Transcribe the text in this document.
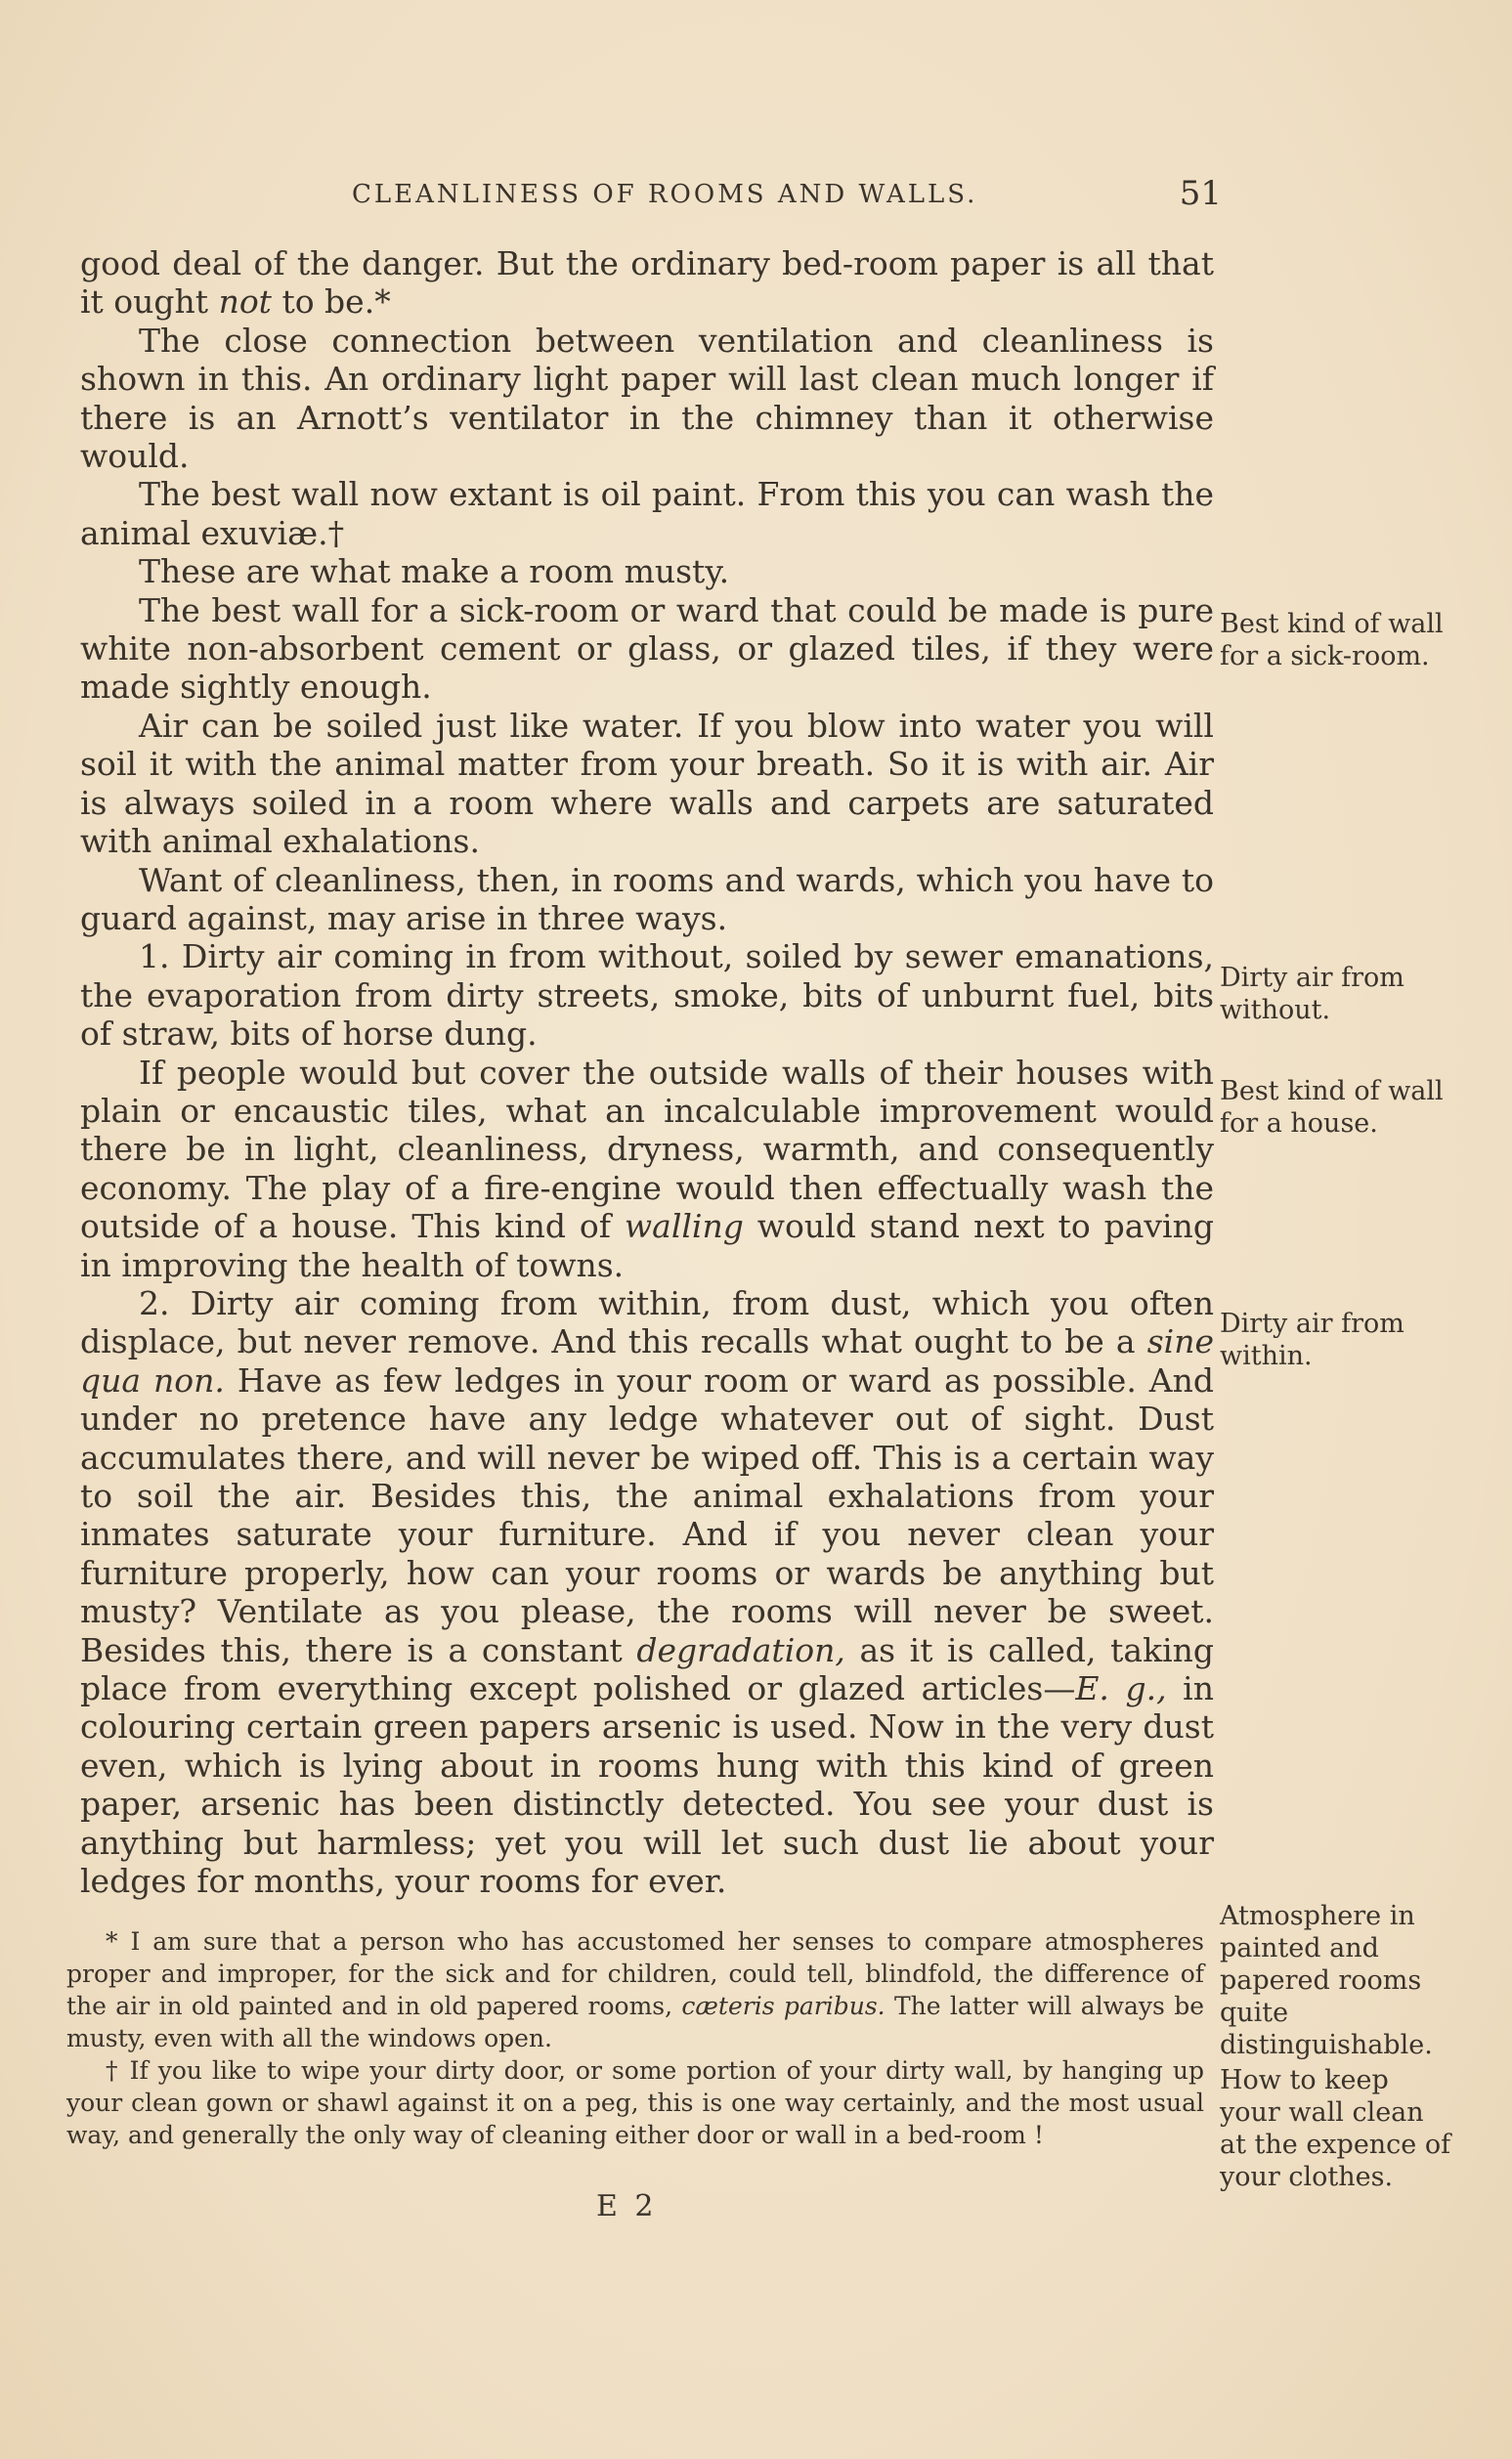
CLEANLINESS OF ROOMS AND WALLS.	51

good deal of the danger. But the ordinary bed-room paper is all that it ought not to be.*

The close connection between ventilation and cleanliness is shown in this. An ordinary light paper will last clean much longer if there is an Arnott’s ventilator in the chimney than it otherwise would.

The best wall now extant is oil paint. From this you can wash the animal exuviæ.†

These are what make a room musty.

The best wall for a sick-room or ward that could be made is pure white non-absorbent cement or glass, or glazed tiles, if they were made sightly enough.

Air can be soiled just like water. If you blow into water you will soil it with the animal matter from your breath. So it is with air. Air is always soiled in a room where walls and carpets are saturated with animal exhalations.

Want of cleanliness, then, in rooms and wards, which you have to guard against, may arise in three ways.

1. Dirty air coming in from without, soiled by sewer emanations, the evaporation from dirty streets, smoke, bits of unburnt fuel, bits of straw, bits of horse dung.

If people would but cover the outside walls of their houses with plain or encaustic tiles, what an incalculable improvement would there be in light, cleanliness, dryness, warmth, and consequently economy. The play of a fire-engine would then effectually wash the outside of a house. This kind of walling would stand next to paving in improving the health of towns.

2. Dirty air coming from within, from dust, which you often displace, but never remove. And this recalls what ought to be a sine qua non. Have as few ledges in your room or ward as possible. And under no pretence have any ledge whatever out of sight. Dust accumulates there, and will never be wiped off. This is a certain way to soil the air. Besides this, the animal exhalations from your inmates saturate your furniture. And if you never clean your furniture properly, how can your rooms or wards be anything but musty? Ventilate as you please, the rooms will never be sweet. Besides this, there is a constant degradation, as it is called, taking place from everything except polished or glazed articles—E. g., in colouring certain green papers arsenic is used. Now in the very dust even, which is lying about in rooms hung with this kind of green paper, arsenic has been distinctly detected. You see your dust is anything but harmless; yet you will let such dust lie about your ledges for months, your rooms for ever.

* I am sure that a person who has accustomed her senses to compare atmospheres proper and improper, for the sick and for children, could tell, blindfold, the difference of the air in old painted and in old papered rooms, cæteris paribus. The latter will always be musty, even with all the windows open.

† If you like to wipe your dirty door, or some portion of your dirty wall, by hanging up your clean gown or shawl against it on a peg, this is one way certainly, and the most usual way, and generally the only way of cleaning either door or wall in a bed-room !

E 2
Best kind of wall for a sick-room.
Dirty air from without.
Best kind of wall for a house.
Dirty air from within.
Atmosphere in painted and papered rooms quite distinguishable.
How to keep your wall clean at the expence of your clothes.
